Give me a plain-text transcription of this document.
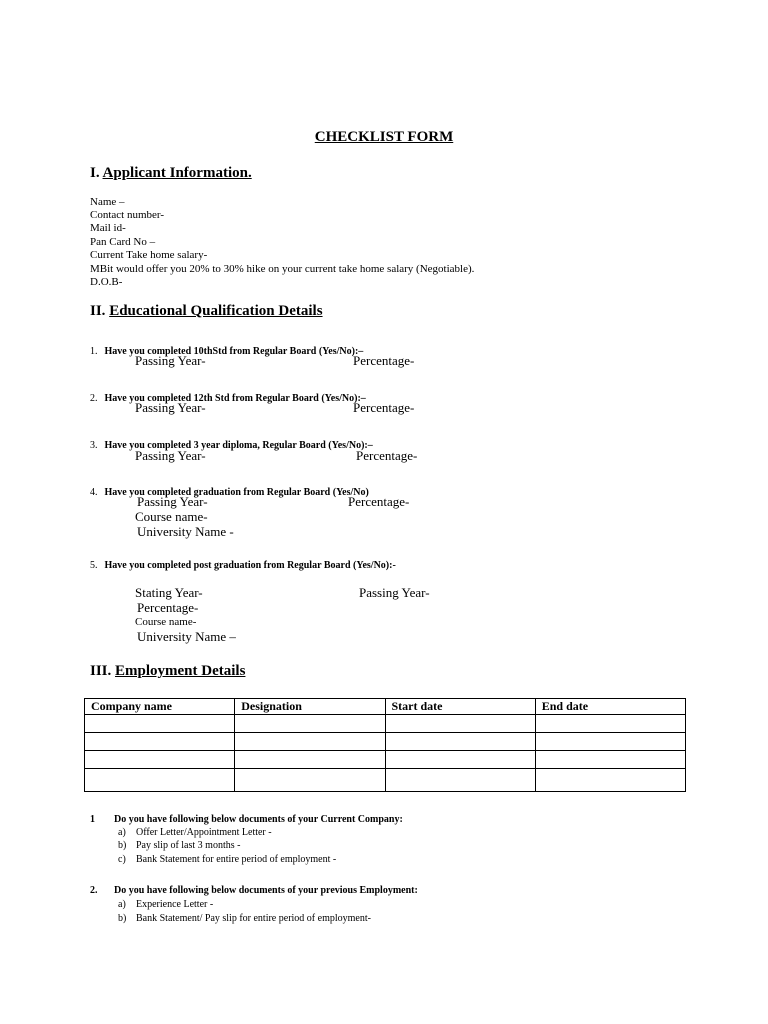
CHECKLIST FORM
I. Applicant Information.
Name –
Contact number-
Mail id-
Pan Card No –
Current Take home salary-
MBit would offer you 20% to 30% hike on your current take home salary (Negotiable).
D.O.B-
II. Educational Qualification Details
1. Have you completed 10thStd from Regular Board (Yes/No):–
Passing Year-	Percentage-
2. Have you completed 12th Std from Regular Board (Yes/No):–
Passing Year-	Percentage-
3. Have you completed 3 year diploma, Regular Board (Yes/No):–
Passing Year-	Percentage-
4. Have you completed graduation from Regular Board (Yes/No)
Passing Year-	Percentage-
Course name-
University Name -
5. Have you completed post graduation from Regular Board (Yes/No):-
Stating Year-	Passing Year-
Percentage-
Course name-
University Name –
III. Employment Details
Company name	Designation	Start date	End date

1 Do you have following below documents of your Current Company:
a) Offer Letter/Appointment Letter -
b) Pay slip of last 3 months -
c) Bank Statement for entire period of employment -
2. Do you have following below documents of your previous Employment:
a) Experience Letter -
b) Bank Statement/ Pay slip for entire period of employment-
